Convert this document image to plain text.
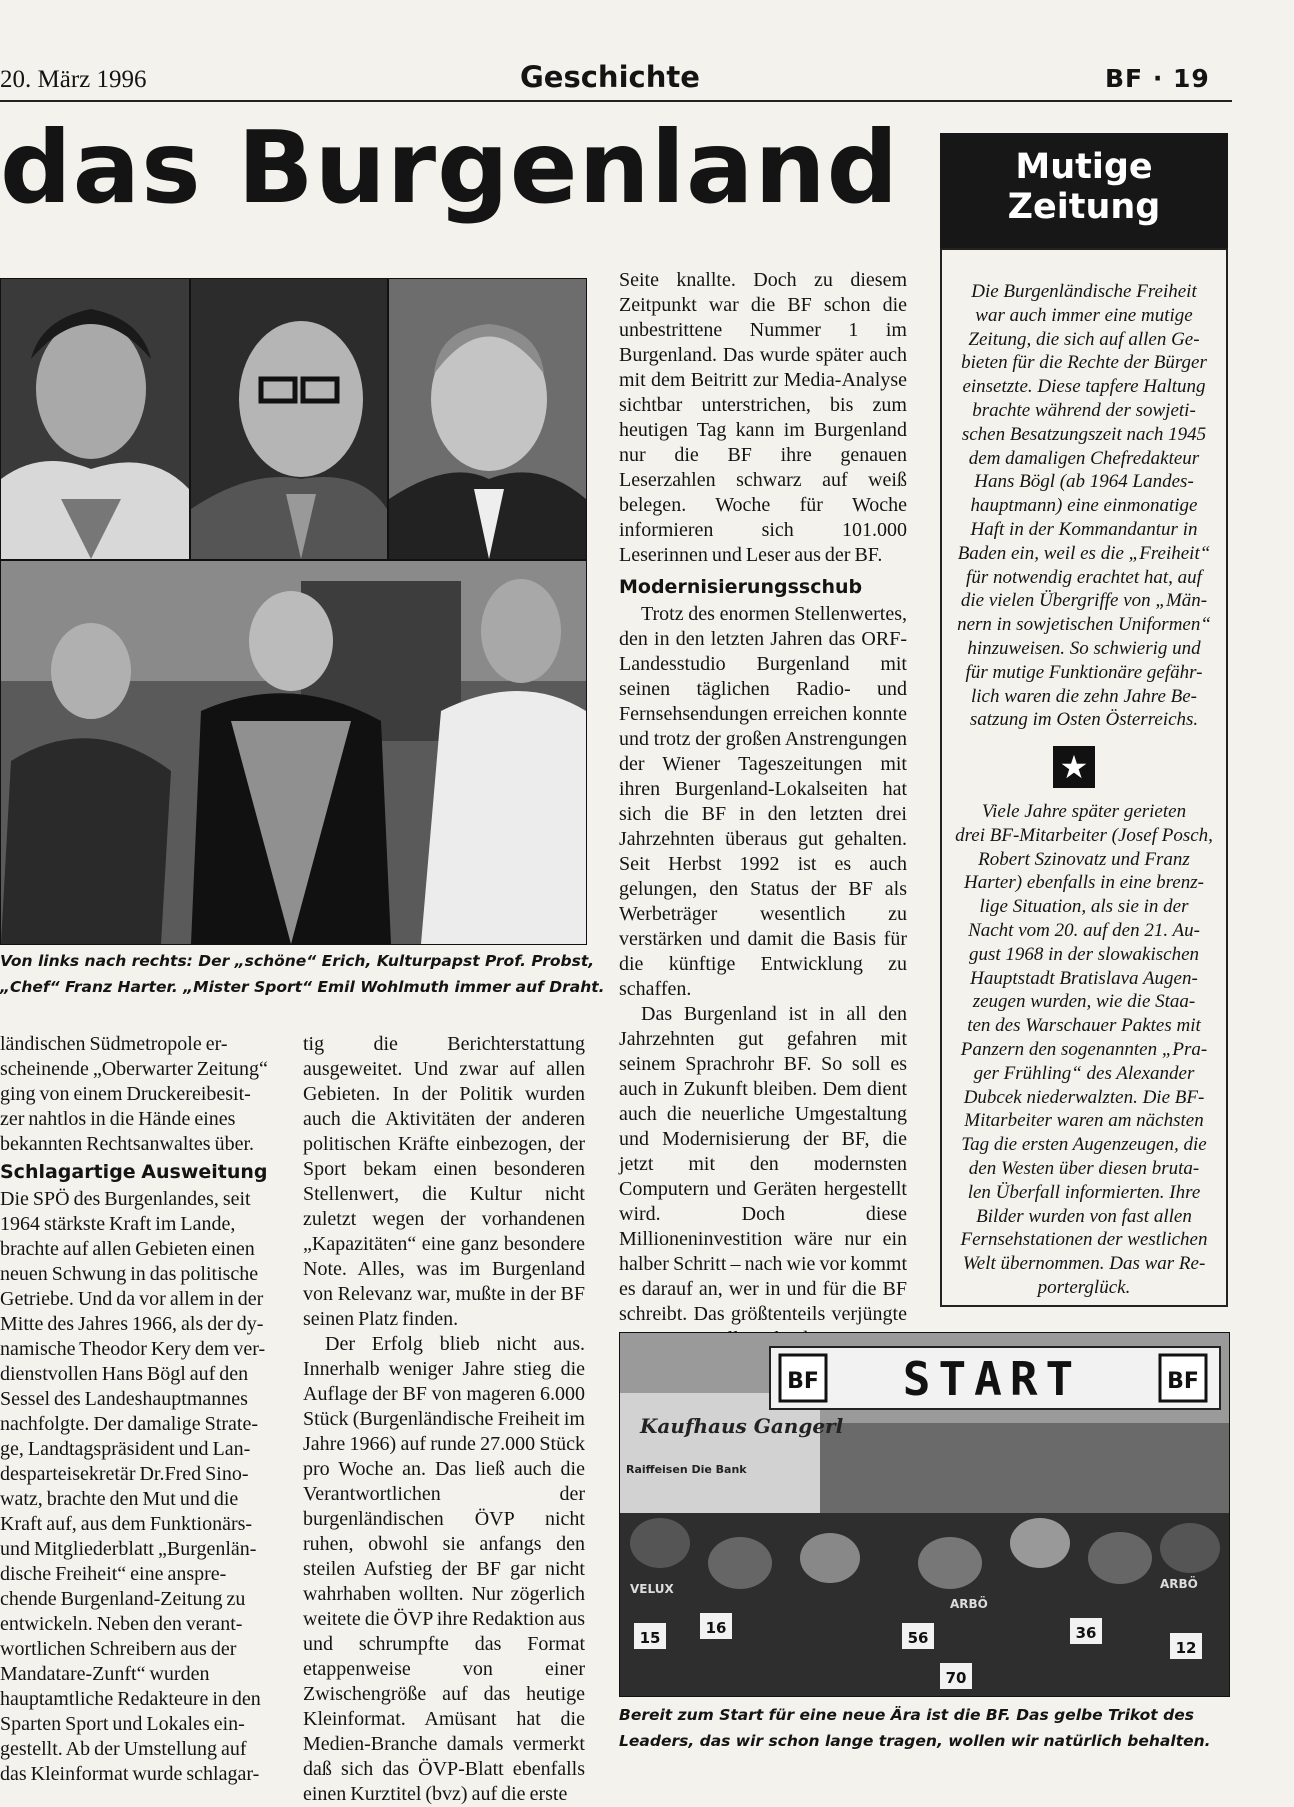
20. März 1996	Geschichte	BF · 19
das Burgenland
Von links nach rechts: Der „schöne“ Erich, Kulturpapst Prof. Probst,
„Chef“ Franz Harter. „Mister Sport“ Emil Wohlmuth immer auf Draht.
ländischen Südmetropole er-
scheinende „Oberwarter Zeitung“
ging von einem Druckereibesit-
zer nahtlos in die Hände eines
bekannten Rechtsanwaltes über.
Schlagartige Ausweitung
Die SPÖ des Burgenlandes, seit
1964 stärkste Kraft im Lande,
brachte auf allen Gebieten einen
neuen Schwung in das politische
Getriebe. Und da vor allem in der
Mitte des Jahres 1966, als der dy-
namische Theodor Kery dem ver-
dienstvollen Hans Bögl auf den
Sessel des Landeshauptmannes
nachfolgte. Der damalige Strate-
ge, Landtagspräsident und Lan-
desparteisekretär Dr.Fred Sino-
watz, brachte den Mut und die
Kraft auf, aus dem Funktionärs-
und Mitgliederblatt „Burgenlän-
dische Freiheit“ eine anspre-
chende Burgenland-Zeitung zu
entwickeln. Neben den verant-
wortlichen Schreibern aus der
Mandatare-Zunft“ wurden
hauptamtliche Redakteure in den
Sparten Sport und Lokales ein-
gestellt. Ab der Umstellung auf
das Kleinformat wurde schlagar-

tig die Berichterstattung ausgeweitet. Und zwar auf allen Gebieten. In der Politik wurden auch die Aktivitäten der anderen politischen Kräfte einbezogen, der Sport bekam einen besonderen Stellenwert, die Kultur nicht zuletzt wegen der vorhandenen „Kapazitäten“ eine ganz besondere Note. Alles, was im Burgenland von Relevanz war, mußte in der BF seinen Platz finden.

Der Erfolg blieb nicht aus. Innerhalb weniger Jahre stieg die Auflage der BF von mageren 6.000 Stück (Burgenländische Freiheit im Jahre 1966) auf runde 27.000 Stück pro Woche an. Das ließ auch die Verantwortlichen der burgenländischen ÖVP nicht ruhen, obwohl sie anfangs den steilen Aufstieg der BF gar nicht wahrhaben wollten. Nur zögerlich weitete die ÖVP ihre Redaktion aus und schrumpfte das Format etappenweise von einer Zwischengröße auf das heutige Kleinformat. Amüsant hat die Medien-Branche damals vermerkt daß sich das ÖVP-Blatt ebenfalls einen Kurztitel (bvz) auf die erste

Seite knallte. Doch zu diesem Zeitpunkt war die BF schon die unbestrittene Nummer 1 im Burgenland. Das wurde später auch mit dem Beitritt zur Media-Analyse sichtbar unterstrichen, bis zum heutigen Tag kann im Burgenland nur die BF ihre genauen Leserzahlen schwarz auf weiß belegen. Woche für Woche informieren sich 101.000 Leserinnen und Leser aus der BF.

Modernisierungsschub

Trotz des enormen Stellenwertes, den in den letzten Jahren das ORF-Landesstudio Burgenland mit seinen täglichen Radio- und Fernsehsendungen erreichen konnte und trotz der großen Anstrengungen der Wiener Tageszeitungen mit ihren Burgenland-Lokalseiten hat sich die BF in den letzten drei Jahrzehnten überaus gut gehalten. Seit Herbst 1992 ist es auch gelungen, den Status der BF als Werbeträger wesentlich zu verstärken und damit die Basis für die künftige Entwicklung zu schaffen.

Das Burgenland ist in all den Jahrzehnten gut gefahren mit seinem Sprachrohr BF. So soll es auch in Zukunft bleiben. Dem dient auch die neuerliche Umgestaltung und Modernisierung der BF, die jetzt mit den modernsten Computern und Geräten hergestellt wird. Doch diese Millioneninvestition wäre nur ein halber Schritt – nach wie vor kommt es darauf an, wer in und für die BF schreibt. Das größtenteils verjüngte

Mutige
Zeitung

Die Burgenländische Freiheit

war auch immer eine mutige

Zeitung, die sich auf allen Ge-

bieten für die Rechte der Bürger

einsetzte. Diese tapfere Haltung

brachte während der sowjeti-

schen Besatzungszeit nach 1945

dem damaligen Chefredakteur

Hans Bögl (ab 1964 Landes-

hauptmann) eine einmonatige

Haft in der Kommandantur in

Baden ein, weil es die „Freiheit“

für notwendig erachtet hat, auf

die vielen Übergriffe von „Män-

nern in sowjetischen Uniformen“

hinzuweisen. So schwierig und

für mutige Funktionäre gefähr-

lich waren die zehn Jahre Be-

satzung im Osten Österreichs.

★

Viele Jahre später gerieten

drei BF-Mitarbeiter (Josef Posch,

Robert Szinovatz und Franz

Harter) ebenfalls in eine brenz-

lige Situation, als sie in der

Nacht vom 20. auf den 21. Au-

gust 1968 in der slowakischen

Hauptstadt Bratislava Augen-

zeugen wurden, wie die Staa-

ten des Warschauer Paktes mit

Panzern den sogenannten „Pra-

ger Frühling“ des Alexander

Dubcek niederwalzten. Die BF-

Mitarbeiter waren am nächsten

Tag die ersten Augenzeugen, die

den Westen über diesen bruta-

len Überfall informierten. Ihre

Bilder wurden von fast allen

Fernsehstationen der westlichen

Welt übernommen. Das war Re-

porterglück.

BF	BF
START
Kaufhaus Gangerl
Raiffeisen Die Bank
VELUX
ARBÖ
ARBÖ
15
16
56
70
36
12
Bereit zum Start für eine neue Ära ist die BF. Das gelbe Trikot des
Leaders, das wir schon lange tragen, wollen wir natürlich behalten.
